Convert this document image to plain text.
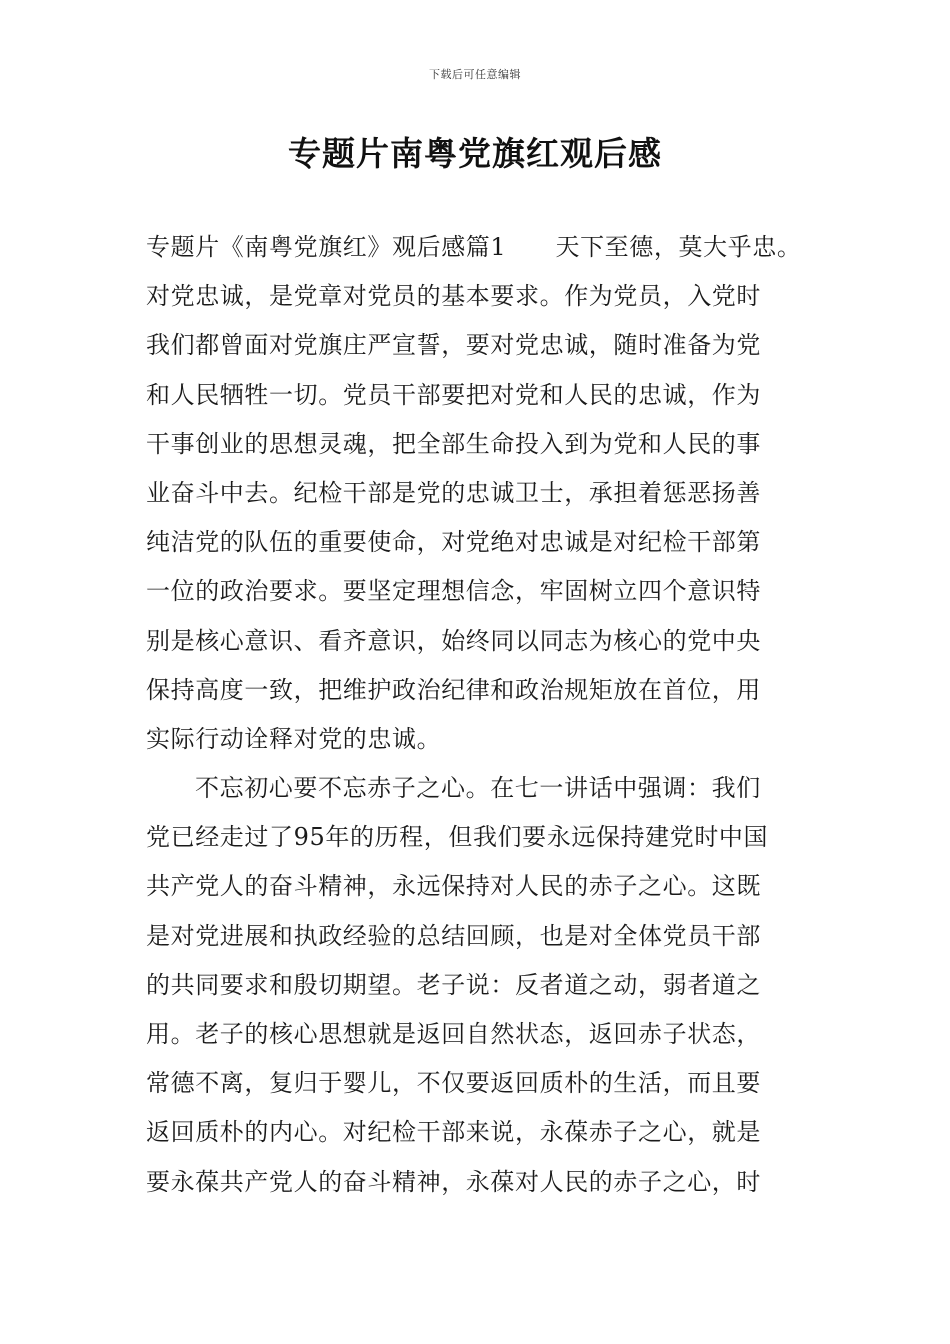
下载后可任意编辑
专题片南粤党旗红观后感
专题片《南粤党旗红》观后感篇1　　天下至德，莫大乎忠。
对党忠诚，是党章对党员的基本要求。作为党员，入党时
我们都曾面对党旗庄严宣誓，要对党忠诚，随时准备为党
和人民牺牲一切。党员干部要把对党和人民的忠诚，作为
干事创业的思想灵魂，把全部生命投入到为党和人民的事
业奋斗中去。纪检干部是党的忠诚卫士，承担着惩恶扬善
纯洁党的队伍的重要使命，对党绝对忠诚是对纪检干部第
一位的政治要求。要坚定理想信念，牢固树立四个意识特
别是核心意识、看齐意识，始终同以同志为核心的党中央
保持高度一致，把维护政治纪律和政治规矩放在首位，用
实际行动诠释对党的忠诚。
不忘初心要不忘赤子之心。在七一讲话中强调：我们
党已经走过了95年的历程，但我们要永远保持建党时中国
共产党人的奋斗精神，永远保持对人民的赤子之心。这既
是对党进展和执政经验的总结回顾，也是对全体党员干部
的共同要求和殷切期望。老子说：反者道之动，弱者道之
用。老子的核心思想就是返回自然状态，返回赤子状态，
常德不离，复归于婴儿，不仅要返回质朴的生活，而且要
返回质朴的内心。对纪检干部来说，永葆赤子之心，就是
要永葆共产党人的奋斗精神，永葆对人民的赤子之心，时
